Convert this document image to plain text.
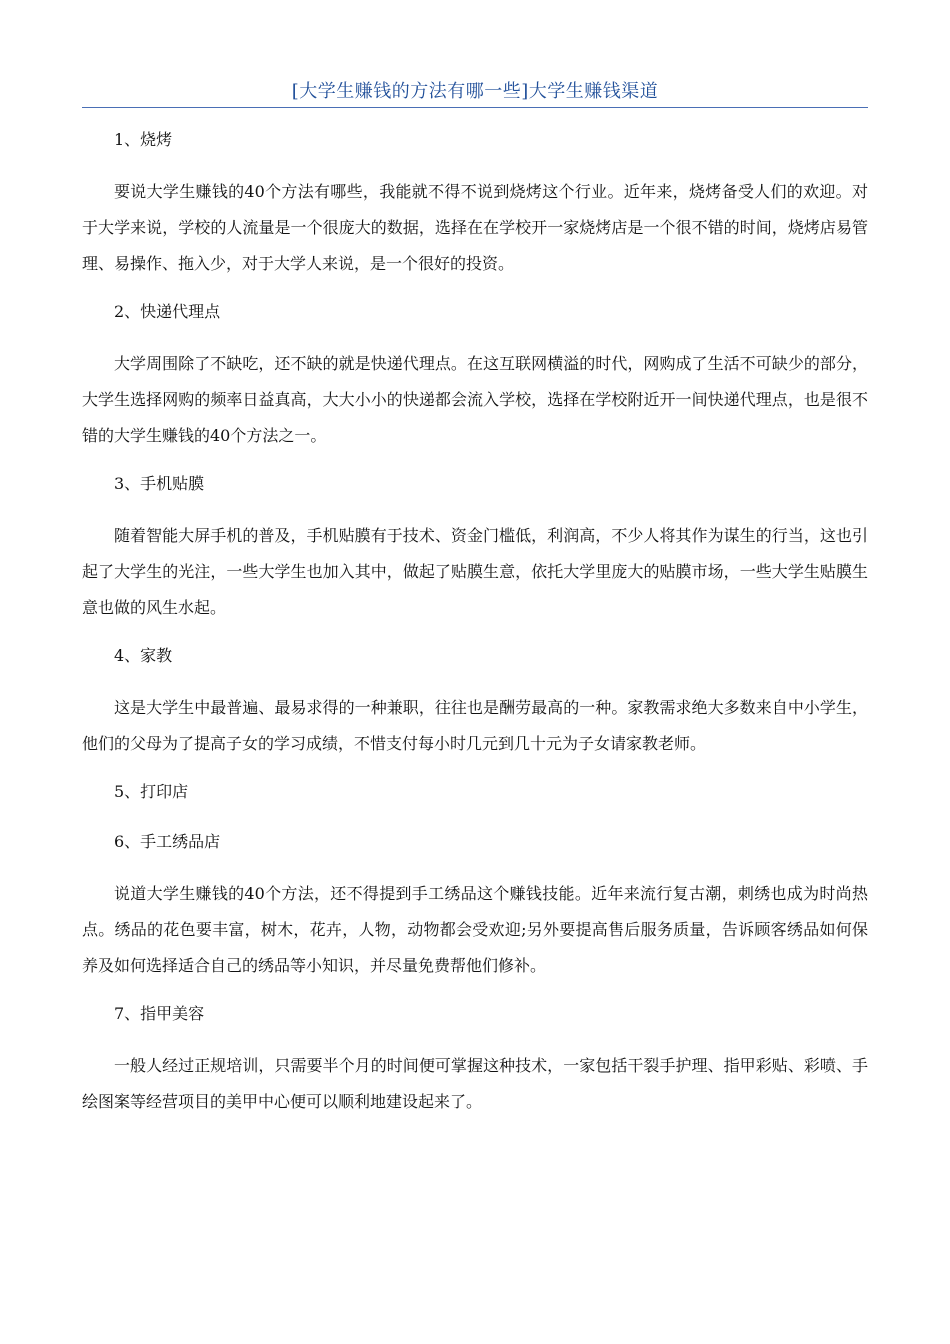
[大学生赚钱的方法有哪一些]大学生赚钱渠道
1、烧烤

要说大学生赚钱的40个方法有哪些，我能就不得不说到烧烤这个行业。近年来，烧烤备受人们的欢迎。对于大学来说，学校的人流量是一个很庞大的数据，选择在在学校开一家烧烤店是一个很不错的时间，烧烤店易管理、易操作、拖入少，对于大学人来说，是一个很好的投资。

2、快递代理点

大学周围除了不缺吃，还不缺的就是快递代理点。在这互联网横溢的时代，网购成了生活不可缺少的部分，大学生选择网购的频率日益真高，大大小小的快递都会流入学校，选择在学校附近开一间快递代理点，也是很不错的大学生赚钱的40个方法之一。

3、手机贴膜

随着智能大屏手机的普及，手机贴膜有于技术、资金门槛低，利润高，不少人将其作为谋生的行当，这也引起了大学生的光注，一些大学生也加入其中，做起了贴膜生意，依托大学里庞大的贴膜市场，一些大学生贴膜生意也做的风生水起。

4、家教

这是大学生中最普遍、最易求得的一种兼职，往往也是酬劳最高的一种。家教需求绝大多数来自中小学生，他们的父母为了提高子女的学习成绩，不惜支付每小时几元到几十元为子女请家教老师。

5、打印店
6、手工绣品店

说道大学生赚钱的40个方法，还不得提到手工绣品这个赚钱技能。近年来流行复古潮，刺绣也成为时尚热点。绣品的花色要丰富，树木，花卉，人物，动物都会受欢迎;另外要提高售后服务质量，告诉顾客绣品如何保养及如何选择适合自己的绣品等小知识，并尽量免费帮他们修补。

7、指甲美容

一般人经过正规培训，只需要半个月的时间便可掌握这种技术，一家包括干裂手护理、指甲彩贴、彩喷、手绘图案等经营项目的美甲中心便可以顺利地建设起来了。
